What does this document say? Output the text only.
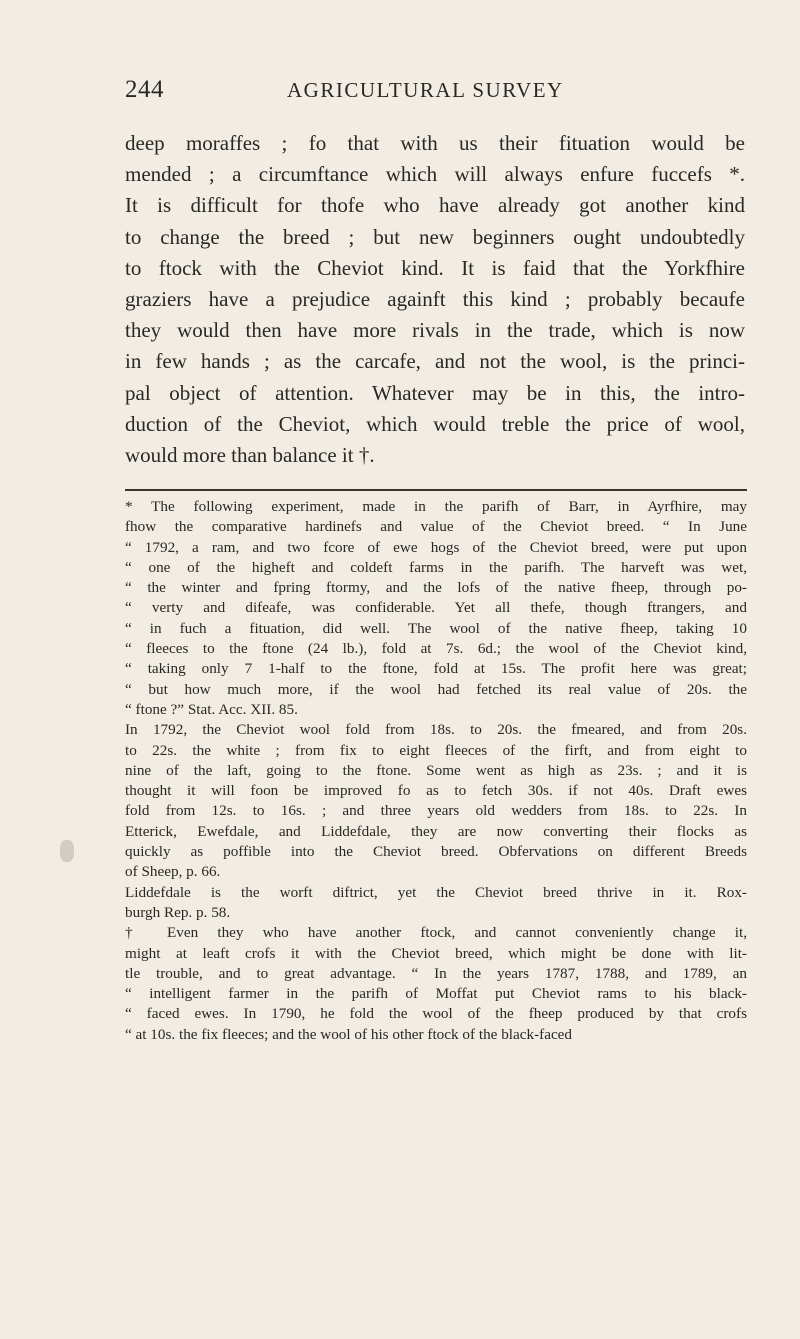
244	AGRICULTURAL SURVEY
deep moraffes ; fo that with us their fituation would be
mended ; a circumftance which will always enfure fuccefs *.
It is difficult for thofe who have already got another kind
to change the breed ; but new beginners ought undoubtedly
to ftock with the Cheviot kind. It is faid that the Yorkfhire
graziers have a prejudice againft this kind ; probably becaufe
they would then have more rivals in the trade, which is now
in few hands ; as the carcafe, and not the wool, is the princi-
pal object of attention. Whatever may be in this, the intro-
duction of the Cheviot, which would treble the price of wool,
would more than balance it †.
* The following experiment, made in the parifh of Barr, in Ayrfhire, may
fhow the comparative hardinefs and value of the Cheviot breed. “ In June
“ 1792, a ram, and two fcore of ewe hogs of the Cheviot breed, were put upon
“ one of the higheft and coldeft farms in the parifh. The harveft was wet,
“ the winter and fpring ftormy, and the lofs of the native fheep, through po-
“ verty and difeafe, was confiderable. Yet all thefe, though ftrangers, and
“ in fuch a fituation, did well. The wool of the native fheep, taking 10
“ fleeces to the ftone (24 lb.), fold at 7s. 6d.; the wool of the Cheviot kind,
“ taking only 7 1-half to the ftone, fold at 15s. The profit here was great;
“ but how much more, if the wool had fetched its real value of 20s. the
“ ftone ?” Stat. Acc. XII. 85.
In 1792, the Cheviot wool fold from 18s. to 20s. the fmeared, and from 20s.
to 22s. the white ; from fix to eight fleeces of the firft, and from eight to
nine of the laft, going to the ftone. Some went as high as 23s. ; and it is
thought it will foon be improved fo as to fetch 30s. if not 40s. Draft ewes
fold from 12s. to 16s. ; and three years old wedders from 18s. to 22s. In
Etterick, Ewefdale, and Liddefdale, they are now converting their flocks as
quickly as poffible into the Cheviot breed. Obfervations on different Breeds
of Sheep, p. 66.
Liddefdale is the worft diftrict, yet the Cheviot breed thrive in it. Rox-
burgh Rep. p. 58.
† Even they who have another ftock, and cannot conveniently change it,
might at leaft crofs it with the Cheviot breed, which might be done with lit-
tle trouble, and to great advantage. “ In the years 1787, 1788, and 1789, an
“ intelligent farmer in the parifh of Moffat put Cheviot rams to his black-
“ faced ewes. In 1790, he fold the wool of the fheep produced by that crofs
“ at 10s. the fix fleeces; and the wool of his other ftock of the black-faced
